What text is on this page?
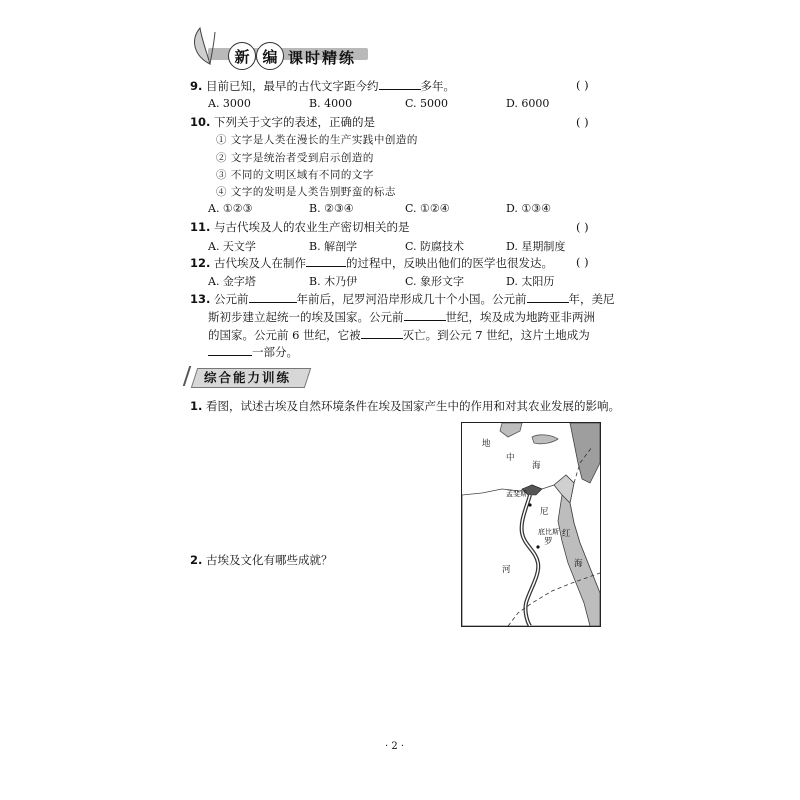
新 编 课时精练
9. 目前已知，最早的古代文字距今约	多年。	( )
A. 3000	B. 4000	C. 5000	D. 6000
10. 下列关于文字的表述，正确的是	( )
① 文字是人类在漫长的生产实践中创造的
② 文字是统治者受到启示创造的
③ 不同的文明区域有不同的文字
④ 文字的发明是人类告别野蛮的标志
A. ①②③	B. ②③④	C. ①②④	D. ①③④
11. 与古代埃及人的农业生产密切相关的是	( )
A. 天文学	B. 解剖学	C. 防腐技术	D. 星期制度
12. 古代埃及人在制作	的过程中，反映出他们的医学也很发达。 ( )
A. 金字塔	B. 木乃伊	C. 象形文字	D. 太阳历
13. 公元前	年前后，尼罗河沿岸形成几十个小国。公元前	年，美尼
斯初步建立起统一的埃及国家。公元前	世纪，埃及成为地跨亚非两洲
的国家。公元前 6 世纪，它被	灭亡。到公元 7 世纪，这片土地成为
一部分。
综合能力训练
1. 看图，试述古埃及自然环境条件在埃及国家产生中的作用和对其农业发展的影响。
2. 古埃及文化有哪些成就？
地
中
海
孟斐斯
尼
底比斯
罗
河
红
海
· 2 ·
